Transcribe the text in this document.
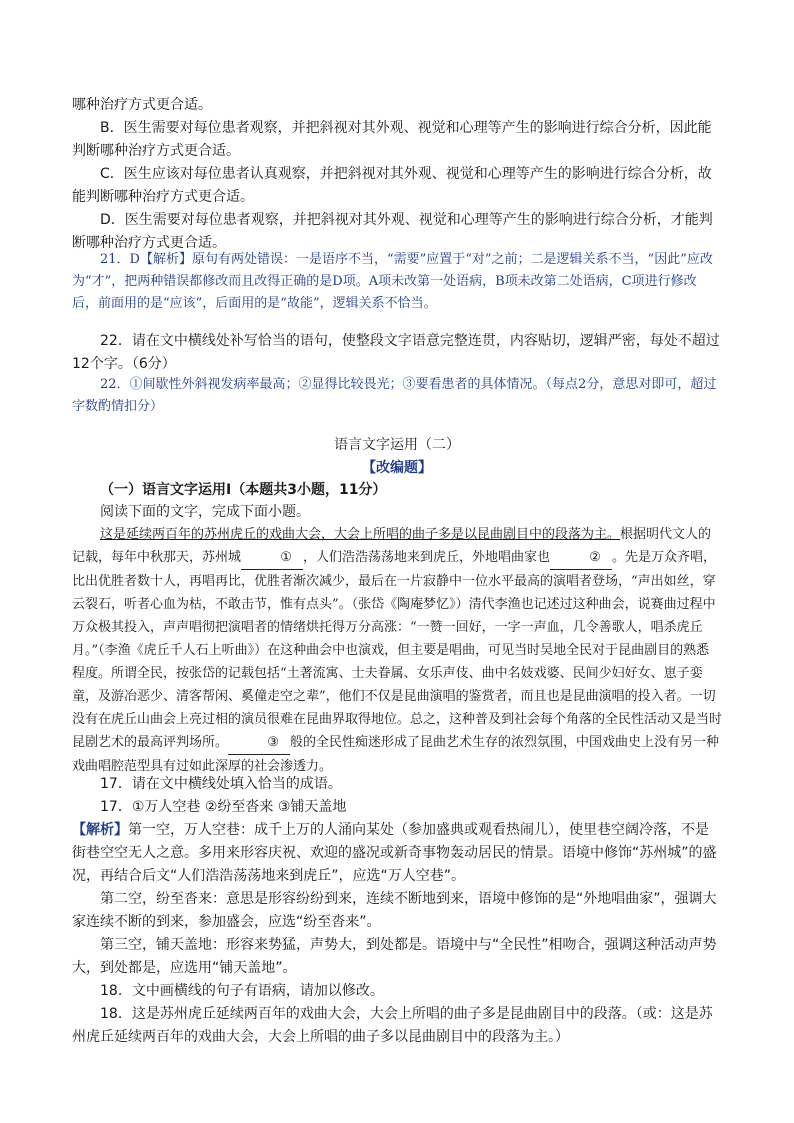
哪种治疗方式更合适。

B．医生需要对每位患者观察，并把斜视对其外观、视觉和心理等产生的影响进行综合分析，因此能判断哪种治疗方式更合适。

C．医生应该对每位患者认真观察，并把斜视对其外观、视觉和心理等产生的影响进行综合分析，故能判断哪种治疗方式更合适。

D．医生需要对每位患者观察，并把斜视对其外观、视觉和心理等产生的影响进行综合分析，才能判断哪种治疗方式更合适。

21．D【解析】原句有两处错误：一是语序不当，“需要”应置于“对”之前；二是逻辑关系不当，“因此”应改为“才”，把两种错误都修改而且改得正确的是D项。A项未改第一处语病，B项未改第二处语病，C项进行修改后，前面用的是“应该”，后面用的是“故能”，逻辑关系不恰当。

22．请在文中横线处补写恰当的语句，使整段文字语意完整连贯，内容贴切，逻辑严密，每处不超过12个字。（6分）

22．①间歇性外斜视发病率最高；②显得比较畏光；③要看患者的具体情况。（每点2分，意思对即可，超过字数酌情扣分）

语言文字运用（二）

【改编题】

（一）语言文字运用Ⅰ（本题共3小题，11分）

阅读下面的文字，完成下面小题。

这是延续两百年的苏州虎丘的戏曲大会，大会上所唱的曲子多是以昆曲剧目中的段落为主。根据明代文人的记载，每年中秋那天，苏州城	① ，人们浩浩荡荡地来到虎丘，外地唱曲家也	② 。先是万众齐唱，比出优胜者数十人，再唱再比，优胜者渐次减少，最后在一片寂静中一位水平最高的演唱者登场，“声出如丝，穿云裂石，听者心血为枯，不敢击节，惟有点头”。（张岱《陶庵梦忆》）清代李渔也记述过这种曲会，说赛曲过程中万众极其投入，声声唱彻把演唱者的情绪烘托得万分高涨：“一赞一回好，一字一声血，几令善歌人，唱杀虎丘月。”（李渔《虎丘千人石上听曲》）在这种曲会中也演戏，但主要是唱曲，可见当时吴地全民对于昆曲剧目的熟悉程度。所谓全民，按张岱的记载包括“土著流寓、士夫眷属、女乐声伎、曲中名妓戏婆、民间少妇好女、崽子娈童，及游冶恶少、清客帮闲、奚僮走空之辈”，他们不仅是昆曲演唱的鉴赏者，而且也是昆曲演唱的投入者。一切没有在虎丘山曲会上亮过相的演员很难在昆曲界取得地位。总之，这种普及到社会每个角落的全民性活动又是当时昆剧艺术的最高评判场所。	③ 般的全民性痴迷形成了昆曲艺术生存的浓烈氛围，中国戏曲史上没有另一种戏曲唱腔范型具有过如此深厚的社会渗透力。

17．请在文中横线处填入恰当的成语。

17．①万人空巷 ②纷至沓来 ③铺天盖地

【解析】第一空，万人空巷：成千上万的人涌向某处（参加盛典或观看热闹儿），使里巷空阔冷落，不是街巷空空无人之意。多用来形容庆祝、欢迎的盛况或新奇事物轰动居民的情景。语境中修饰“苏州城”的盛况，再结合后文“人们浩浩荡荡地来到虎丘”，应选“万人空巷”。

第二空，纷至沓来：意思是形容纷纷到来，连续不断地到来，语境中修饰的是“外地唱曲家”，强调大家连续不断的到来，参加盛会，应选“纷至沓来”。

第三空，铺天盖地：形容来势猛，声势大，到处都是。语境中与“全民性”相吻合，强调这种活动声势大，到处都是，应选用“铺天盖地”。

18．文中画横线的句子有语病，请加以修改。

18．这是苏州虎丘延续两百年的戏曲大会，大会上所唱的曲子多是昆曲剧目中的段落。（或：这是苏州虎丘延续两百年的戏曲大会，大会上所唱的曲子多以昆曲剧目中的段落为主。）
